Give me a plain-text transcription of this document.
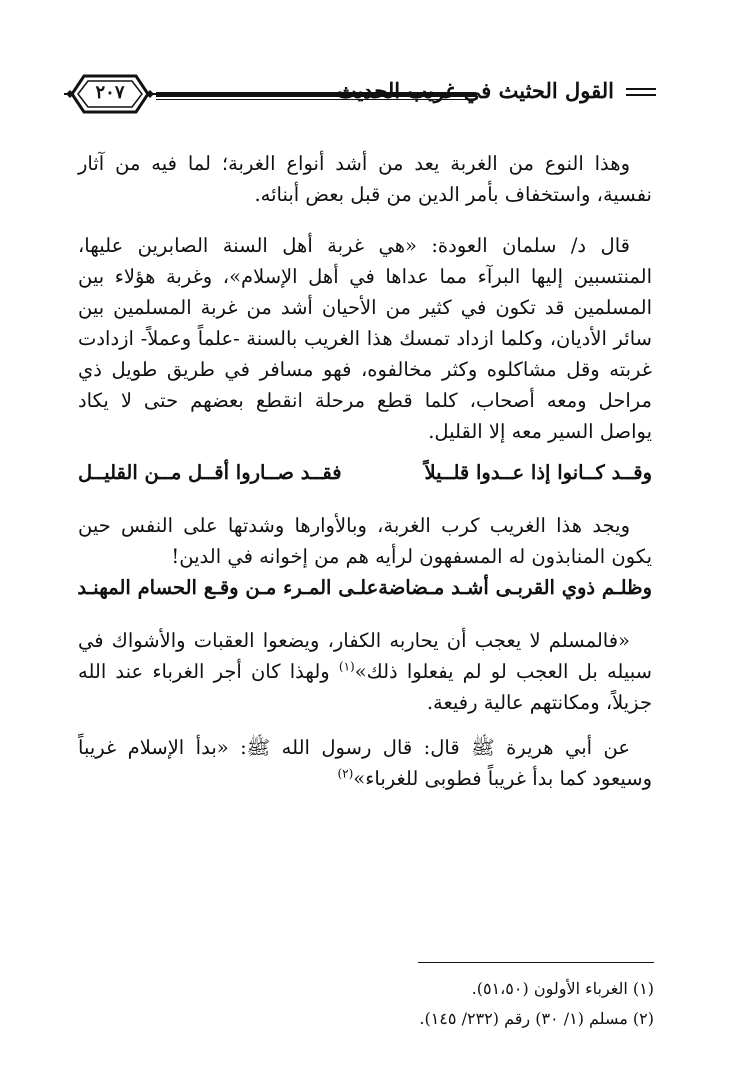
٢٠٧	القول الحثيث في غريب الحديث

وهذا النوع من الغربة يعد من أشد أنواع الغربة؛ لما فيه من آثار نفسية، واستخفاف بأمر الدين من قبل بعض أبنائه.

قال د/ سلمان العودة: «هي غربة أهل السنة الصابرين عليها، المنتسبين إليها البرآء مما عداها في أهل الإسلام»، وغربة هؤلاء بين المسلمين قد تكون في كثير من الأحيان أشد من غربة المسلمين بين سائر الأديان، وكلما ازداد تمسك هذا الغريب بالسنة -علماً وعملاً- ازدادت غربته وقل مشاكلوه وكثر مخالفوه، فهو مسافر في طريق طويل ذي مراحل ومعه أصحاب، كلما قطع مرحلة انقطع بعضهم حتى لا يكاد يواصل السير معه إلا القليل.

وقــد كــانوا إذا عــدوا قلــيلاً
فقــد صــاروا أقــل مــن القليــل

ويجد هذا الغريب كرب الغربة، وبالأوارها وشدتها على النفس حين يكون المنابذون له المسفهون لرأيه هم من إخوانه في الدين!

وظلـم ذوي القربـى أشـد مـضاضة
علـى المـرء مـن وقـع الحسام المهنـد

«فالمسلم لا يعجب أن يحاربه الكفار، ويضعوا العقبات والأشواك في سبيله بل العجب لو لم يفعلوا ذلك»$^{(١)}$ ولهذا كان أجر الغرباء عند الله جزيلاً، ومكانتهم عالية رفيعة.

عن أبي هريرة ﷺ قال: قال رسول الله ﷺ: «بدأ الإسلام غريباً وسيعود كما بدأ غريباً فطوبى للغرباء»$^{(٢)}$

(١) الغرباء الأولون (٥١،٥٠).

(٢) مسلم (١/ ٣٠) رقم (٢٣٢/ ١٤٥).
